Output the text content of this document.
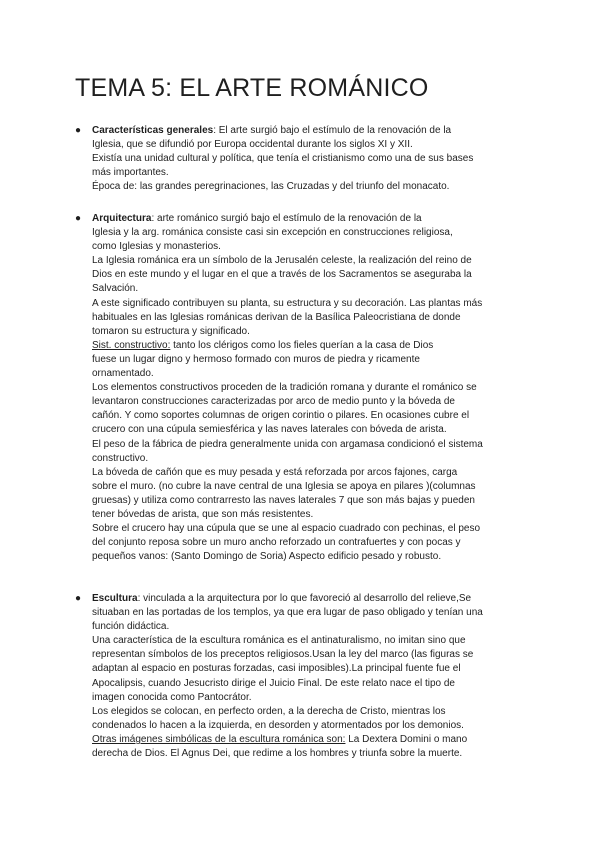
TEMA 5: EL ARTE ROMÁNICO
●	Características generales: El arte surgió bajo el estímulo de la renovación de la
Iglesia, que se difundió por Europa occidental durante los siglos XI y XII.
Existía una unidad cultural y política, que tenía el cristianismo como una de sus bases
más importantes.
Época de: las grandes peregrinaciones, las Cruzadas y del triunfo del monacato.
●	Arquitectura: arte románico surgió bajo el estímulo de la renovación de la
Iglesia y la arg. románica consiste casi sin excepción en construcciones religiosa,
como Iglesias y monasterios.
La Iglesia románica era un símbolo de la Jerusalén celeste, la realización del reino de
Dios en este mundo y el lugar en el que a través de los Sacramentos se aseguraba la
Salvación.
A este significado contribuyen su planta, su estructura y su decoración. Las plantas más
habituales en las Iglesias románicas derivan de la Basílica Paleocristiana de donde
tomaron su estructura y significado.
Sist. constructivo: tanto los clérigos como los fieles querían a la casa de Dios
fuese un lugar digno y hermoso formado con muros de piedra y ricamente
ornamentado.
Los elementos constructivos proceden de la tradición romana y durante el románico se
levantaron construcciones caracterizadas por arco de medio punto y la bóveda de
cañón. Y como soportes columnas de origen corintio o pilares. En ocasiones cubre el
crucero con una cúpula semiesférica y las naves laterales con bóveda de arista.
El peso de la fábrica de piedra generalmente unida con argamasa condicionó el sistema
constructivo.
La bóveda de cañón que es muy pesada y está reforzada por arcos fajones, carga
sobre el muro. (no cubre la nave central de una Iglesia se apoya en pilares )(columnas
gruesas) y utiliza como contrarresto las naves laterales 7 que son más bajas y pueden
tener bóvedas de arista, que son más resistentes.
Sobre el crucero hay una cúpula que se une al espacio cuadrado con pechinas, el peso
del conjunto reposa sobre un muro ancho reforzado un contrafuertes y con pocas y
pequeños vanos: (Santo Domingo de Soria) Aspecto edificio pesado y robusto.
●	Escultura: vinculada a la arquitectura por lo que favoreció al desarrollo del relieve,Se
situaban en las portadas de los templos, ya que era lugar de paso obligado y tenían una
función didáctica.
Una característica de la escultura románica es el antinaturalismo, no imitan sino que
representan símbolos de los preceptos religiosos.Usan la ley del marco (las figuras se
adaptan al espacio en posturas forzadas, casi imposibles).La principal fuente fue el
Apocalipsis, cuando Jesucristo dirige el Juicio Final. De este relato nace el tipo de
imagen conocida como Pantocrátor.
Los elegidos se colocan, en perfecto orden, a la derecha de Cristo, mientras los
condenados lo hacen a la izquierda, en desorden y atormentados por los demonios.
Otras imágenes simbólicas de la escultura románica son: La Dextera Domini o mano
derecha de Dios. El Agnus Dei, que redime a los hombres y triunfa sobre la muerte.
